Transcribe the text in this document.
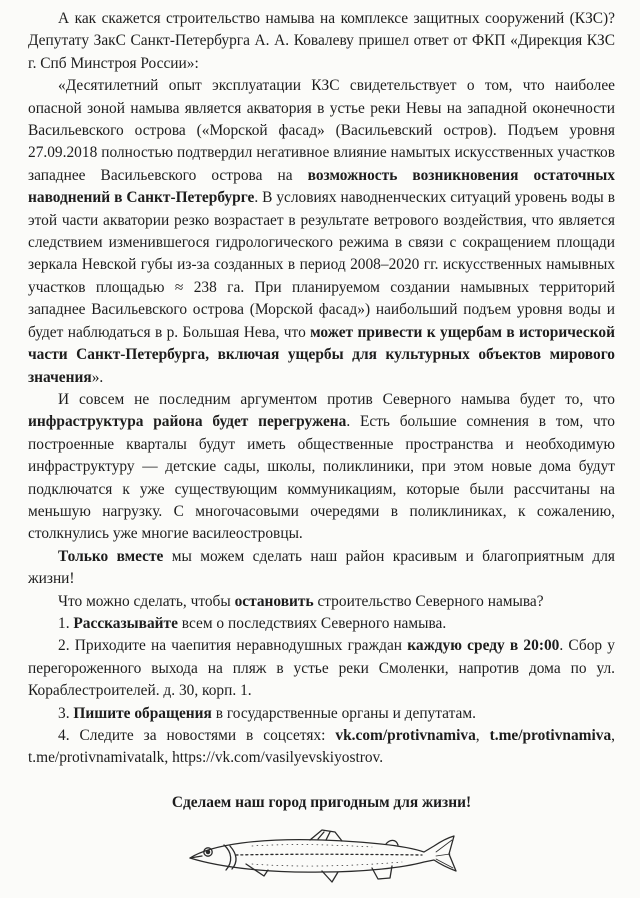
А как скажется строительство намыва на комплексе защитных сооружений (КЗС)? Депутату ЗакС Санкт-Петербурга А. А. Ковалеву пришел ответ от ФКП «Дирекция КЗС г. Спб Минстроя России»:

«Десятилетний опыт эксплуатации КЗС свидетельствует о том, что наиболее опасной зоной намыва является акватория в устье реки Невы на западной оконечности Васильевского острова («Морской фасад» (Васильевский остров). Подъем уровня 27.09.2018 полностью подтвердил негативное влияние намытых искусственных участков западнее Васильевского острова на возможность возникновения остаточных наводнений в Санкт-Петербурге. В условиях наводненческих ситуаций уровень воды в этой части акватории резко возрастает в результате ветрового воздействия, что является следствием изменившегося гидрологического режима в связи с сокращением площади зеркала Невской губы из-за созданных в период 2008–2020 гг. искусственных намывных участков площадью ≈ 238 га. При планируемом создании намывных территорий западнее Васильевского острова (Морской фасад») наибольший подъем уровня воды и будет наблюдаться в р. Большая Нева, что может привести к ущербам в исторической части Санкт-Петербурга, включая ущербы для культурных объектов мирового значения».

И совсем не последним аргументом против Северного намыва будет то, что инфраструктура района будет перегружена. Есть большие сомнения в том, что построенные кварталы будут иметь общественные пространства и необходимую инфраструктуру — детские сады, школы, поликлиники, при этом новые дома будут подключатся к уже существующим коммуникациям, которые были рассчитаны на меньшую нагрузку. С многочасовыми очередями в поликлиниках, к сожалению, столкнулись уже многие василеостровцы.

Только вместе мы можем сделать наш район красивым и благоприятным для жизни!

Что можно сделать, чтобы остановить строительство Северного намыва?

1. Рассказывайте всем о последствиях Северного намыва.

2. Приходите на чаепития неравнодушных граждан каждую среду в 20:00. Сбор у перегороженного выхода на пляж в устье реки Смоленки, напротив дома по ул. Кораблестроителей. д. 30, корп. 1.

3. Пишите обращения в государственные органы и депутатам.

4. Следите за новостями в соцсетях: vk.com/protivnamiva, t.me/protivnamiva, t.me/protivnamivatalk, https://vk.com/vasilyevskiyostrov.

Сделаем наш город пригодным для жизни!
